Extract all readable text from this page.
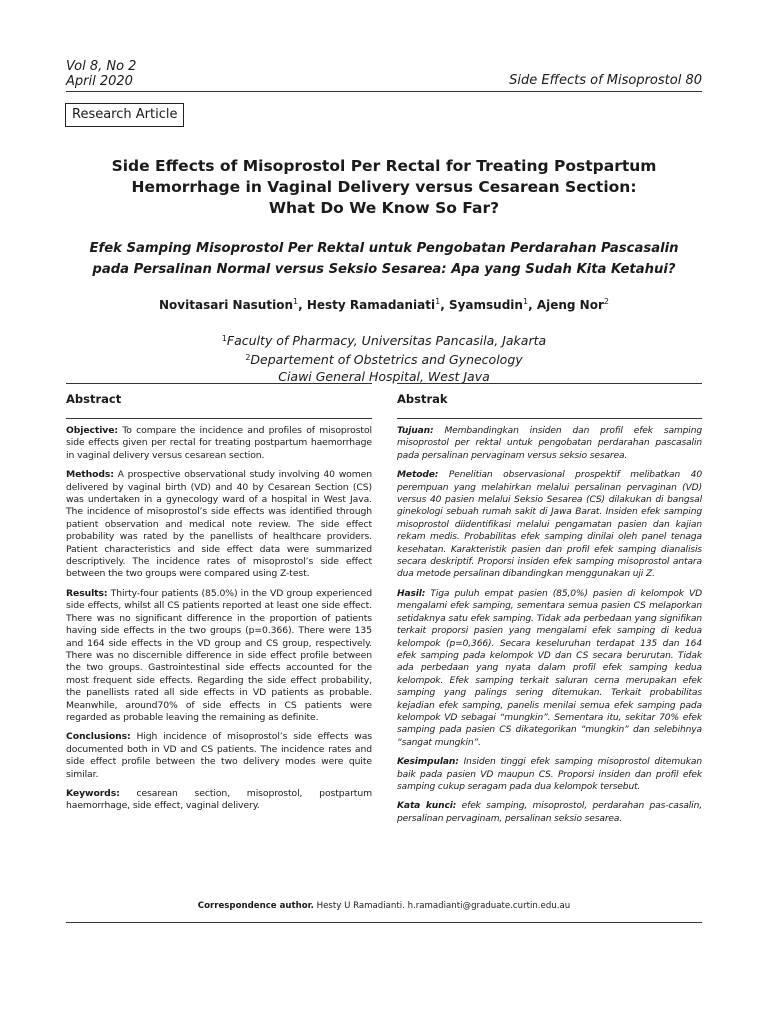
Vol 8, No 2
April 2020	Side Effects of Misoprostol 80
Research Article
Side Effects of Misoprostol Per Rectal for Treating Postpartum
Hemorrhage in Vaginal Delivery versus Cesarean Section:
What Do We Know So Far?
Efek Samping Misoprostol Per Rektal untuk Pengobatan Perdarahan Pascasalin
pada Persalinan Normal versus Seksio Sesarea: Apa yang Sudah Kita Ketahui?
Novitasari Nasution$^1$, Hesty Ramadaniati$^1$, Syamsudin$^1$, Ajeng Nor$^2$
$^1$Faculty of Pharmacy, Universitas Pancasila, Jakarta
$^2$Departement of Obstetrics and Gynecology
Ciawi General Hospital, West Java
Abstract

Objective: To compare the incidence and profiles of misoprostol side effects given per rectal for treating postpartum haemorrhage in vaginal delivery versus cesarean section.

Methods: A prospective observational study involving 40 women delivered by vaginal birth (VD) and 40 by Cesarean Section (CS) was undertaken in a gynecology ward of a hospital in West Java. The incidence of misoprostol’s side effects was identified through patient observation and medical note review. The side effect probability was rated by the panellists of healthcare providers. Patient characteristics and side effect data were summarized descriptively. The incidence rates of misoprostol’s side effect between the two groups were compared using Z-test.

Results: Thirty-four patients (85.0%) in the VD group experienced side effects, whilst all CS patients reported at least one side effect. There was no significant difference in the proportion of patients having side effects in the two groups (p=0.366). There were 135 and 164 side effects in the VD group and CS group, respectively. There was no discernible difference in side effect profile between the two groups. Gastrointestinal side effects accounted for the most frequent side effects. Regarding the side effect probability, the panellists rated all side effects in VD patients as probable. Meanwhile, around70% of side effects in CS patients were regarded as probable leaving the remaining as definite.

Conclusions: High incidence of misoprostol’s side effects was documented both in VD and CS patients. The incidence rates and side effect profile between the two delivery modes were quite similar.

Keywords: cesarean section, misoprostol, postpartum haemorrhage, side effect, vaginal delivery.

Abstrak

Tujuan: Membandingkan insiden dan profil efek samping misoprostol per rektal untuk pengobatan perdarahan pascasalin pada persalinan pervaginam versus seksio sesarea.

Metode: Penelitian observasional prospektif melibatkan 40 perempuan yang melahirkan melalui persalinan pervaginan (VD) versus 40 pasien melalui Seksio Sesarea (CS) dilakukan di bangsal ginekologi sebuah rumah sakit di Jawa Barat. Insiden efek samping misoprostol diidentifikasi melalui pengamatan pasien dan kajian rekam medis. Probabilitas efek samping dinilai oleh panel tenaga kesehatan. Karakteristik pasien dan profil efek samping dianalisis secara deskriptif. Proporsi insiden efek samping misoprostol antara dua metode persalinan dibandingkan menggunakan uji Z.

Hasil: Tiga puluh empat pasien (85,0%) pasien di kelompok VD mengalami efek samping, sementara semua pasien CS melaporkan setidaknya satu efek samping. Tidak ada perbedaan yang signifikan terkait proporsi pasien yang mengalami efek samping di kedua kelompok (p=0,366). Secara keseluruhan terdapat 135 dan 164 efek samping pada kelompok VD dan CS secara berurutan. Tidak ada perbedaan yang nyata dalam profil efek samping kedua kelompok. Efek samping terkait saluran cerna merupakan efek samping yang palings sering ditemukan. Terkait probabilitas kejadian efek samping, panelis menilai semua efek samping pada kelompok VD sebagai “mungkin”. Sementara itu, sekitar 70% efek samping pada pasien CS dikategorikan “mungkin” dan selebihnya “sangat mungkin”.

Kesimpulan: Insiden tinggi efek samping misoprostol ditemukan baik pada pasien VD maupun CS. Proporsi insiden dan profil efek samping cukup seragam pada dua kelompok tersebut.

Kata kunci: efek samping, misoprostol, perdarahan pas-casalin, persalinan pervaginam, persalinan seksio sesarea.

Correspondence author. Hesty U Ramadianti. h.ramadianti@graduate.curtin.edu.au
